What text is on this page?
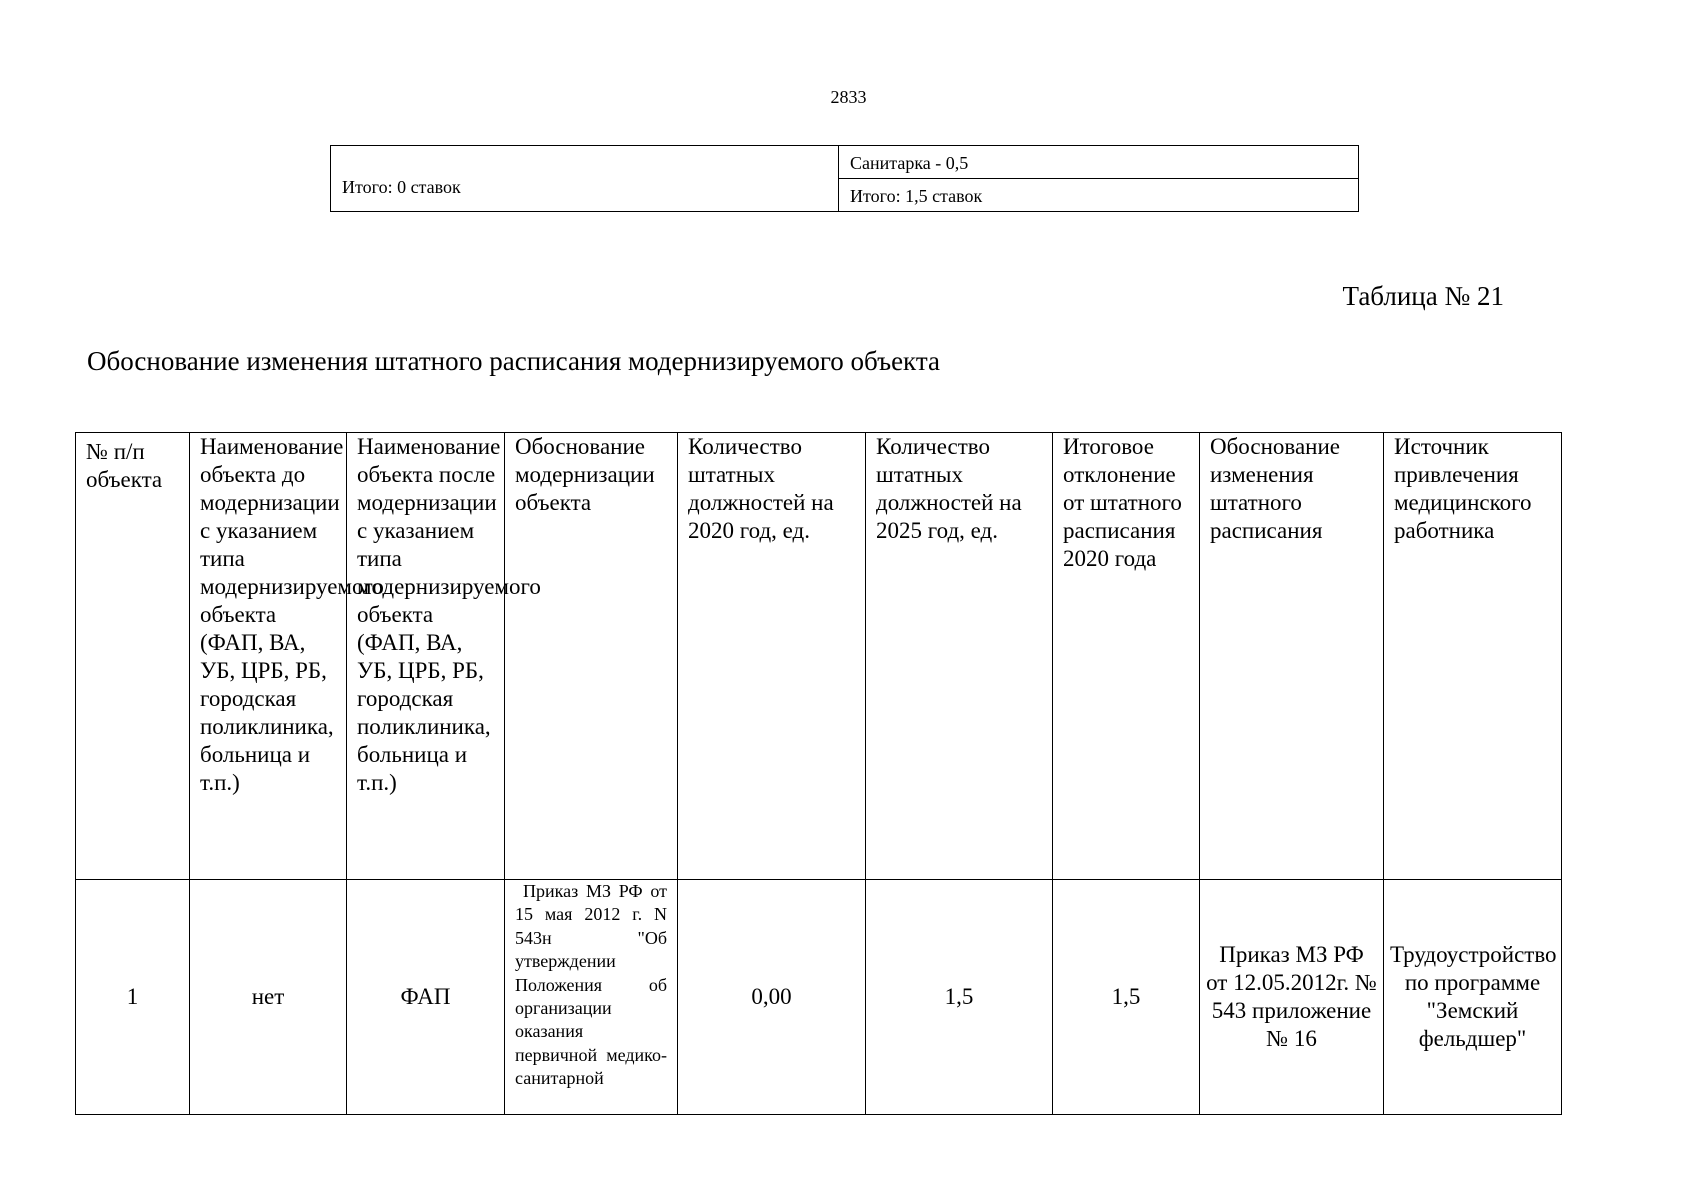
2833
Итого: 0 ставок	Санитарка - 0,5
Итого: 1,5 ставок
Таблица № 21
Обоснование изменения штатного расписания модернизируемого объекта
№ п/п объекта	Наименование объекта до модернизации с указанием типа модернизируемого объекта (ФАП, ВА, УБ, ЦРБ, РБ, городская поликлиника, больница и т.п.)	Наименование объекта после модернизации с указанием типа модернизируемого объекта (ФАП, ВА, УБ, ЦРБ, РБ, городская поликлиника, больница и т.п.)	Обоснование модернизации объекта	Количество штатных должностей на 2020 год, ед.	Количество штатных должностей на 2025 год, ед.	Итоговое отклонение от штатного расписания 2020 года	Обоснование изменения штатного расписания	Источник привлечения медицинского работника
1	нет	ФАП	Приказ МЗ РФ от 15 мая 2012 г. N 543н "Об утверждении Положения об организации оказания первичной медико-санитарной	0,00	1,5	1,5	Приказ МЗ РФ от 12.05.2012г. № 543 приложение № 16	Трудоустройство по программе "Земский фельдшер"
